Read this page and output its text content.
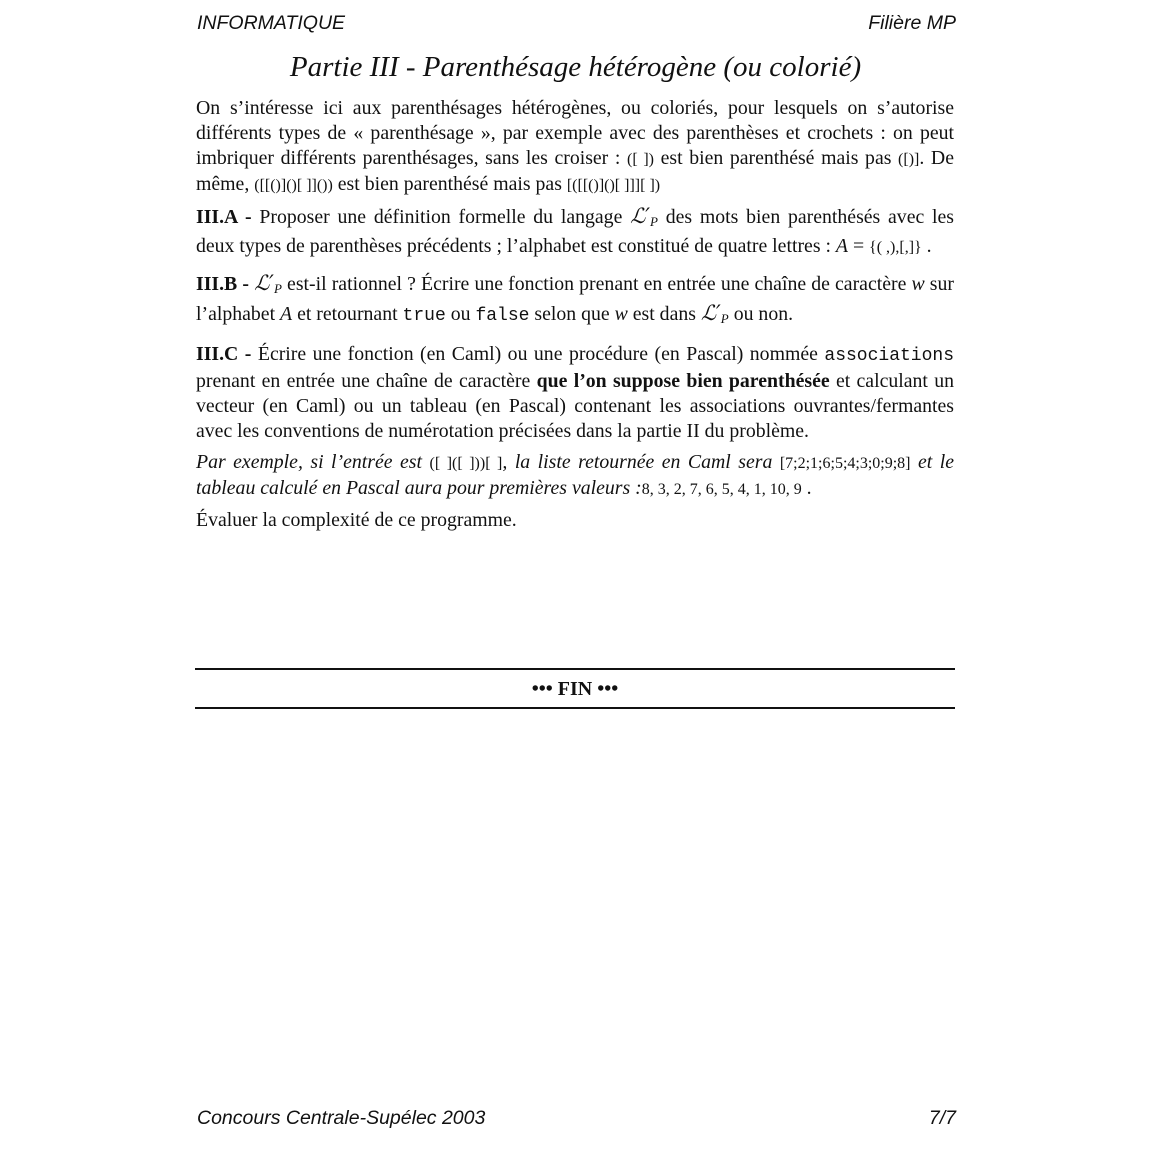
INFORMATIQUE	Filière MP
Partie III - Parenthésage hétérogène (ou colorié)

On s’intéresse ici aux parenthésages hétérogènes, ou coloriés, pour lesquels on s’autorise différents types de « parenthésage », par exemple avec des parenthèses et crochets : on peut imbriquer différents parenthésages, sans les croiser : ([ ]) est bien parenthésé mais pas ([)]. De même, ([[()]()[ ]]()) est bien parenthésé mais pas [([[()]()[ ]]][ ])

III.A - Proposer une définition formelle du langage $ℒ'_P$ des mots bien parenthésés avec les deux types de parenthèses précédents ; l’alphabet est constitué de quatre lettres : A = {( ,),[,]} .

$III.B - ℒ'_P$ est-il rationnel ? Écrire une fonction prenant en entrée une chaîne de caractère w sur l’alphabet A et retournant true ou false selon que w est dans $ℒ'_P$ ou non.

III.C - Écrire une fonction (en Caml) ou une procédure (en Pascal) nommée associations prenant en entrée une chaîne de caractère que l’on suppose bien parenthésée et calculant un vecteur (en Caml) ou un tableau (en Pascal) contenant les associations ouvrantes/fermantes avec les conventions de numérotation précisées dans la partie II du problème.

Par exemple, si l’entrée est ([ ]([ ]))[ ], la liste retournée en Caml sera [7;2;1;6;5;4;3;0;9;8] et le tableau calculé en Pascal aura pour premières valeurs :8, 3, 2, 7, 6, 5, 4, 1, 10, 9 .

Évaluer la complexité de ce programme.

••• FIN •••
Concours Centrale-Supélec 2003	7/7
